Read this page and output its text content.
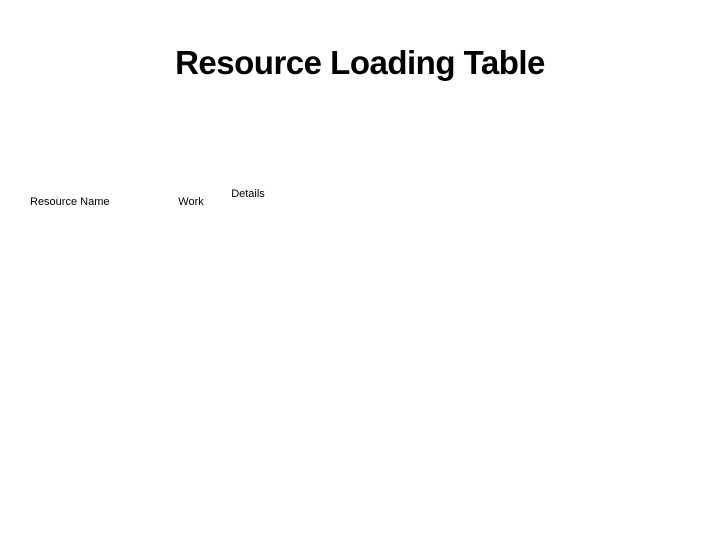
Resource Loading Table
Resource Name	Work
Details
